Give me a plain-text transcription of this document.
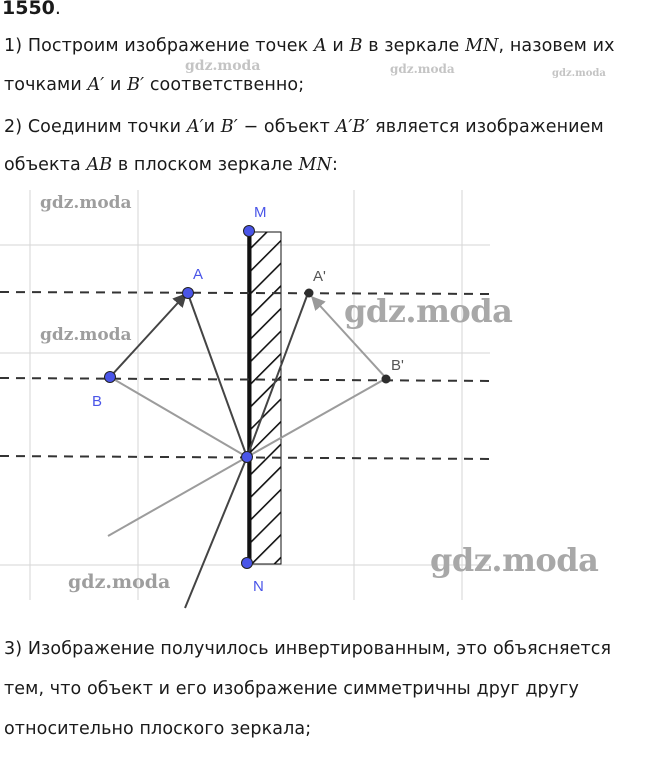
1550.
1) Построим изображение точек A и B в зеркале MN, назовем их
точками A′ и B′ соответственно;
2) Соединим точки A′и B′ − объект A′B′ является изображением
объекта AB в плоском зеркале MN:
M
N
A
B
A'
B'
gdz.moda	gdz.moda	gdz.moda
gdz.moda
gdz.moda
gdz.moda
gdz.moda
gdz.moda
3) Изображение получилось инвертированным, это объясняется
тем, что объект и его изображение симметричны друг другу
относительно плоского зеркала;
